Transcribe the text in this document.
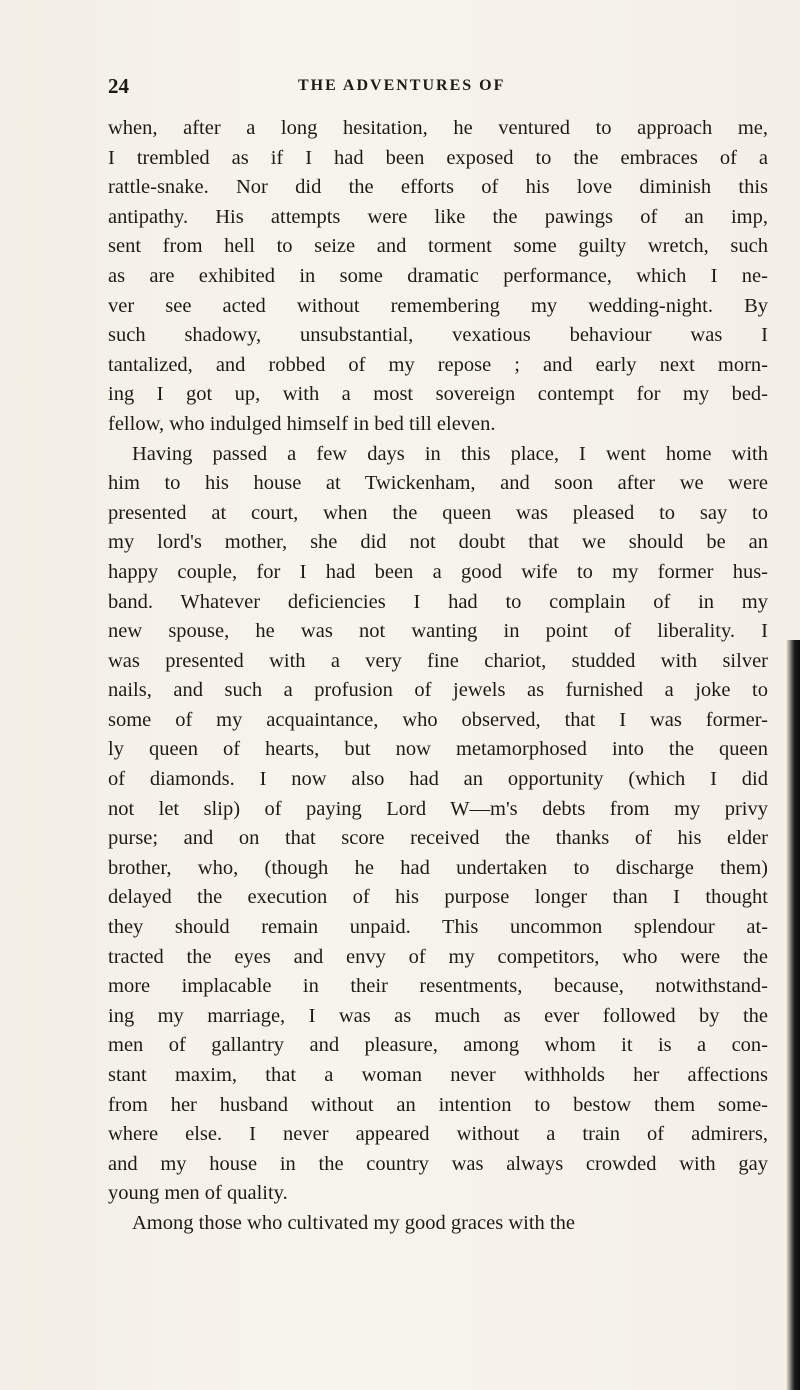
24	THE ADVENTURES OF
when, after a long hesitation, he ventured to approach me,
I trembled as if I had been exposed to the embraces of a
rattle-snake. Nor did the efforts of his love diminish this
antipathy. His attempts were like the pawings of an imp,
sent from hell to seize and torment some guilty wretch, such
as are exhibited in some dramatic performance, which I ne-
ver see acted without remembering my wedding-night. By
such shadowy, unsubstantial, vexatious behaviour was I
tantalized, and robbed of my repose ; and early next morn-
ing I got up, with a most sovereign contempt for my bed-
fellow, who indulged himself in bed till eleven.
Having passed a few days in this place, I went home with
him to his house at Twickenham, and soon after we were
presented at court, when the queen was pleased to say to
my lord's mother, she did not doubt that we should be an
happy couple, for I had been a good wife to my former hus-
band. Whatever deficiencies I had to complain of in my
new spouse, he was not wanting in point of liberality. I
was presented with a very fine chariot, studded with silver
nails, and such a profusion of jewels as furnished a joke to
some of my acquaintance, who observed, that I was former-
ly queen of hearts, but now metamorphosed into the queen
of diamonds. I now also had an opportunity (which I did
not let slip) of paying Lord W—m's debts from my privy
purse; and on that score received the thanks of his elder
brother, who, (though he had undertaken to discharge them)
delayed the execution of his purpose longer than I thought
they should remain unpaid. This uncommon splendour at-
tracted the eyes and envy of my competitors, who were the
more implacable in their resentments, because, notwithstand-
ing my marriage, I was as much as ever followed by the
men of gallantry and pleasure, among whom it is a con-
stant maxim, that a woman never withholds her affections
from her husband without an intention to bestow them some-
where else. I never appeared without a train of admirers,
and my house in the country was always crowded with gay
young men of quality.
Among those who cultivated my good graces with the
